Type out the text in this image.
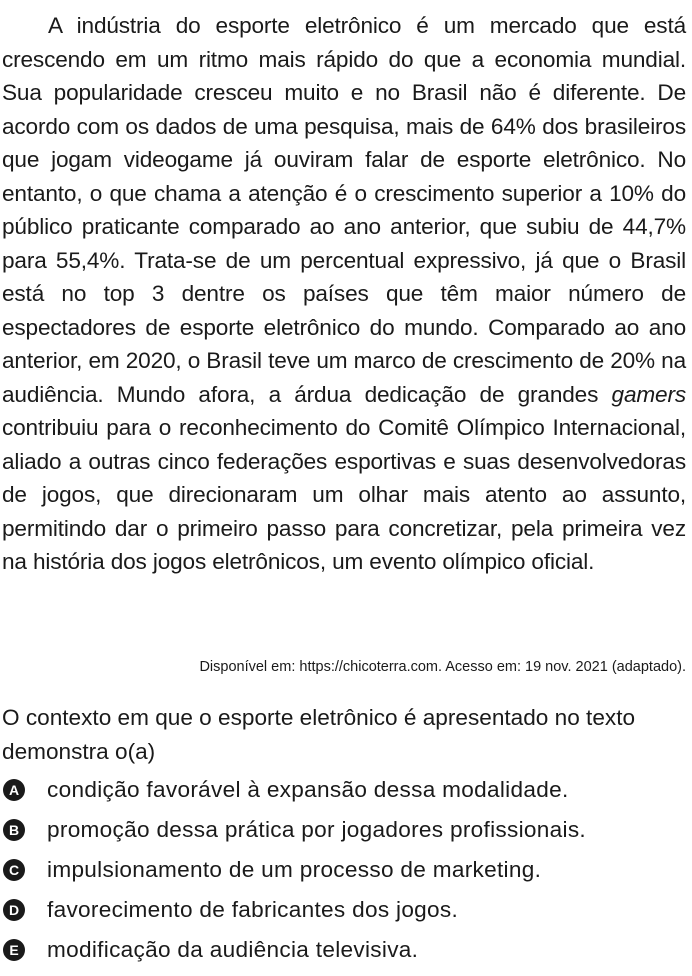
A indústria do esporte eletrônico é um mercado que está crescendo em um ritmo mais rápido do que a economia mundial. Sua popularidade cresceu muito e no Brasil não é diferente. De acordo com os dados de uma pesquisa, mais de 64% dos brasileiros que jogam videogame já ouviram falar de esporte eletrônico. No entanto, o que chama a atenção é o crescimento superior a 10% do público praticante comparado ao ano anterior, que subiu de 44,7% para 55,4%. Trata-se de um percentual expressivo, já que o Brasil está no top 3 dentre os países que têm maior número de espectadores de esporte eletrônico do mundo. Comparado ao ano anterior, em 2020, o Brasil teve um marco de crescimento de 20% na audiência. Mundo afora, a árdua dedicação de grandes gamers contribuiu para o reconhecimento do Comitê Olímpico Internacional, aliado a outras cinco federações esportivas e suas desenvolvedoras de jogos, que direcionaram um olhar mais atento ao assunto, permitindo dar o primeiro passo para concretizar, pela primeira vez na história dos jogos eletrônicos, um evento olímpico oficial.

Disponível em: https://chicoterra.com. Acesso em: 19 nov. 2021 (adaptado).

O contexto em que o esporte eletrônico é apresentado no texto demonstra o(a)

A condição favorável à expansão dessa modalidade.
B promoção dessa prática por jogadores profissionais.
C impulsionamento de um processo de marketing.
D favorecimento de fabricantes dos jogos.
E modificação da audiência televisiva.
